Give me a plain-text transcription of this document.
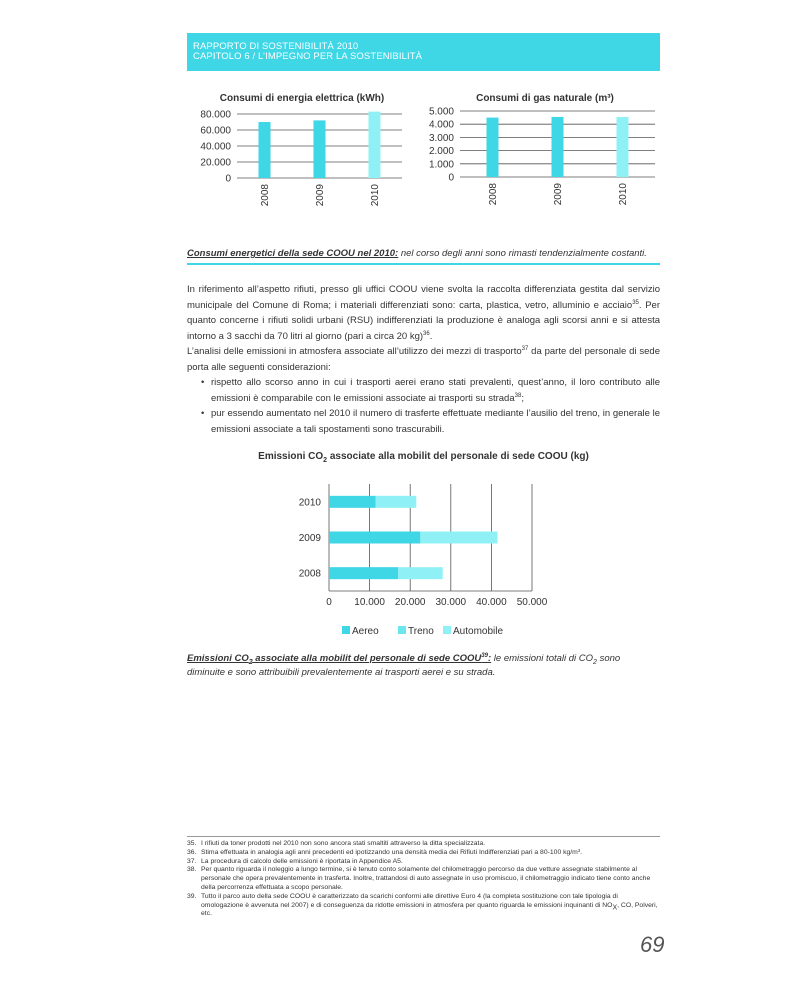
RAPPORTO DI SOSTENIBILITÀ 2010
CAPITOLO 6 / L’IMPEGNO PER LA SOSTENIBILITÀ
Consumi di energia elettrica (kWh)
0
20.000
40.000
60.000
80.000
2008	2009	2010
Consumi di gas naturale (m³)
0
1.000
2.000
3.000
4.000
5.000
2008	2009	2010
Consumi energetici della sede COOU nel 2010: nel corso degli anni sono rimasti tendenzialmente costanti.

In riferimento all’aspetto rifiuti, presso gli uffici COOU viene svolta la raccolta differenziata gestita dal servizio municipale del Comune di Roma; i materiali differenziati sono: carta, plastica, vetro, alluminio e acciaio$^{35}$. Per quanto concerne i rifiuti solidi urbani (RSU) indifferenziati la produzione è analoga agli scorsi anni e si attesta intorno a 3 sacchi da 70 litri al giorno (pari a circa 20 kg)$^{36}$.

L’analisi delle emissioni in atmosfera associate all’utilizzo dei mezzi di trasporto$^{37}$ da parte del personale di sede porta alle seguenti considerazioni:

• rispetto allo scorso anno in cui i trasporti aerei erano stati prevalenti, quest’anno, il loro contributo alle emissioni è comparabile con le emissioni associate ai trasporti su strada$^{38}$;
• pur essendo aumentato nel 2010 il numero di trasferte effettuate mediante l’ausilio del treno, in generale le emissioni associate a tali spostamenti sono trascurabili.
Emissioni $CO_2$ associate alla mobilit del personale di sede COOU (kg)
0 10.000 20.000 30.000 40.000 50.000
2010
2009
2008
Aereo	Treno Automobile
Emissioni $CO_2$ associate alla mobilit del personale di sede COOU$^{39}$: le emissioni totali di $CO_2$ sono diminuite e sono attribuibili prevalentemente ai trasporti aerei e su strada.
35. I rifiuti da toner prodotti nel 2010 non sono ancora stati smaltiti attraverso la ditta specializzata.
36. Stima effettuata in analogia agli anni precedenti ed ipotizzando una densità media dei Rifiuti Indifferenziati pari a 80-100 kg/m³.
37. La procedura di calcolo delle emissioni è riportata in Appendice A5.
38. Per quanto riguarda il noleggio a lungo termine, si è tenuto conto solamente del chilometraggio percorso da due vetture assegnate stabilmente al personale che opera prevalentemente in trasferta. Inoltre, trattandosi di auto assegnate in uso promiscuo, il chilometraggio indicato tiene conto anche della percorrenza effettuata a scopo personale.
39. Tutto il parco auto della sede COOU è caratterizzato da scarichi conformi alle direttive Euro 4 (la completa sostituzione con tale tipologia di omologazione è avvenuta nel 2007) e di conseguenza da ridotte emissioni in atmosfera per quanto riguarda le emissioni inquinanti di $NO_X$, CO, Polveri, etc.
69
